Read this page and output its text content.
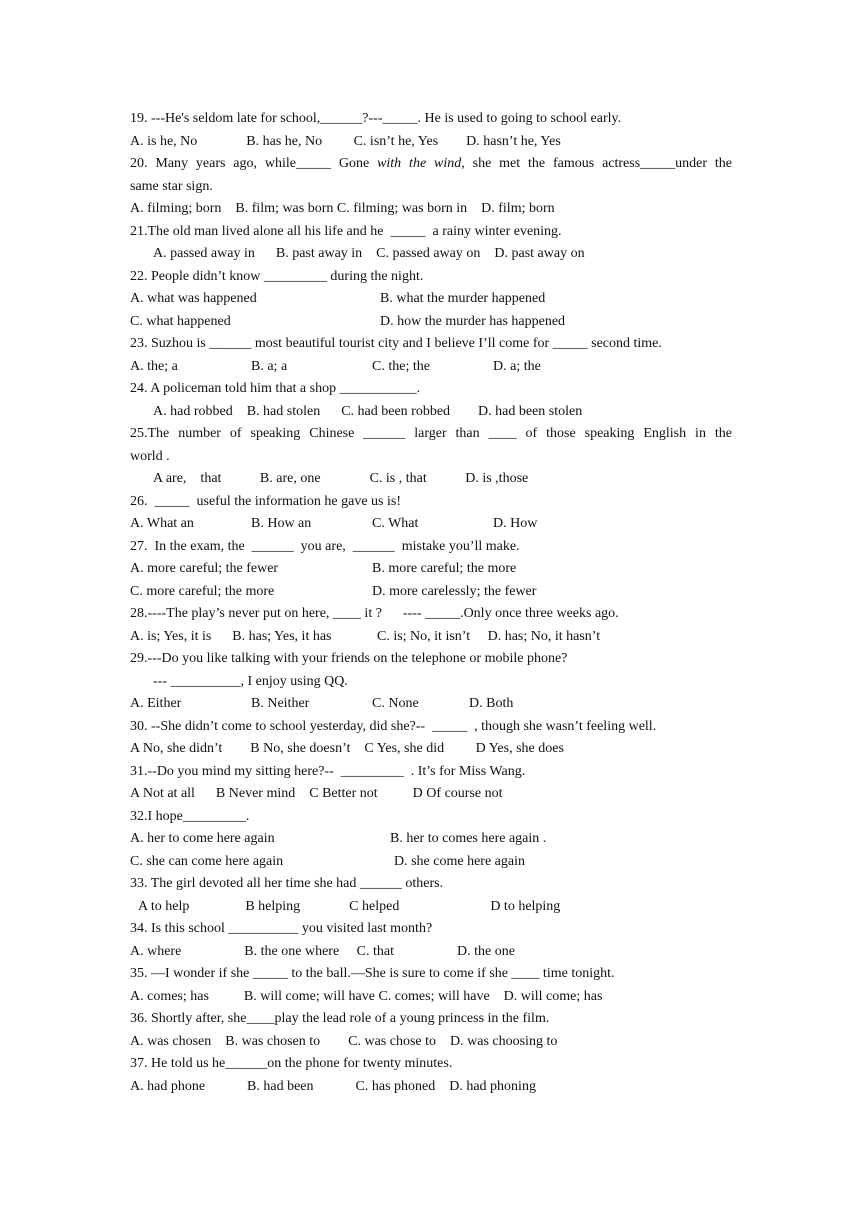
19. ---He's seldom late for school,______?---_____. He is used to going to school early.
A. is he, No              B. has he, No         C. isn’t he, Yes        D. hasn’t he, Yes
20. Many years ago, while_____ Gone with the wind, she met the famous actress_____under the
same star sign.
A. filming; born    B. film; was born C. filming; was born in    D. film; born
21.The old man lived alone all his life and he  _____  a rainy winter evening.
A. passed away in      B. past away in    C. passed away on    D. past away on
22. People didn’t know _________ during the night.
A. what was happened	B. what the murder happened
C. what happened	D. how the murder has happened
23. Suzhou is ______ most beautiful tourist city and I believe I’ll come for _____ second time.
A. the; a	B. a; a	C. the; the	D. a; the
24. A policeman told him that a shop ___________.
A. had robbed    B. had stolen      C. had been robbed        D. had been stolen
25.The number of speaking Chinese ______ larger than ____ of those speaking English in the
world .
A are,    that           B. are, one              C. is , that           D. is ,those
26.  _____  useful the information he gave us is!
A. What an	B. How an	C. What	D. How
27.  In the exam, the  ______  you are,  ______  mistake you’ll make.
A. more careful; the fewer	B. more careful; the more
C. more careful; the more	D. more carelessly; the fewer
28.----The play’s never put on here, ____ it ?      ---- _____.Only once three weeks ago.
A. is; Yes, it is      B. has; Yes, it has             C. is; No, it isn’t     D. has; No, it hasn’t
29.---Do you like talking with your friends on the telephone or mobile phone?
--- __________, I enjoy using QQ.
A. Either	B. Neither	C. None	D. Both
30. --She didn’t come to school yesterday, did she?--  _____  , though she wasn’t feeling well.
A No, she didn’t        B No, she doesn’t    C Yes, she did         D Yes, she does
31.--Do you mind my sitting here?--  _________  . It’s for Miss Wang.
A Not at all      B Never mind    C Better not          D Of course not
32.I hope_________.
A. her to come here again	B. her to comes here again .
C. she can come here again	D. she come here again
33. The girl devoted all her time she had ______ others.
A to help                B helping              C helped                          D to helping
34. Is this school __________ you visited last month?
A. where                  B. the one where     C. that                  D. the one
35. —I wonder if she _____ to the ball.—She is sure to come if she ____ time tonight.
A. comes; has          B. will come; will have C. comes; will have    D. will come; has
36. Shortly after, she____play the lead role of a young princess in the film.
A. was chosen    B. was chosen to        C. was chose to    D. was choosing to
37. He told us he______on the phone for twenty minutes.
A. had phone            B. had been            C. has phoned    D. had phoning
